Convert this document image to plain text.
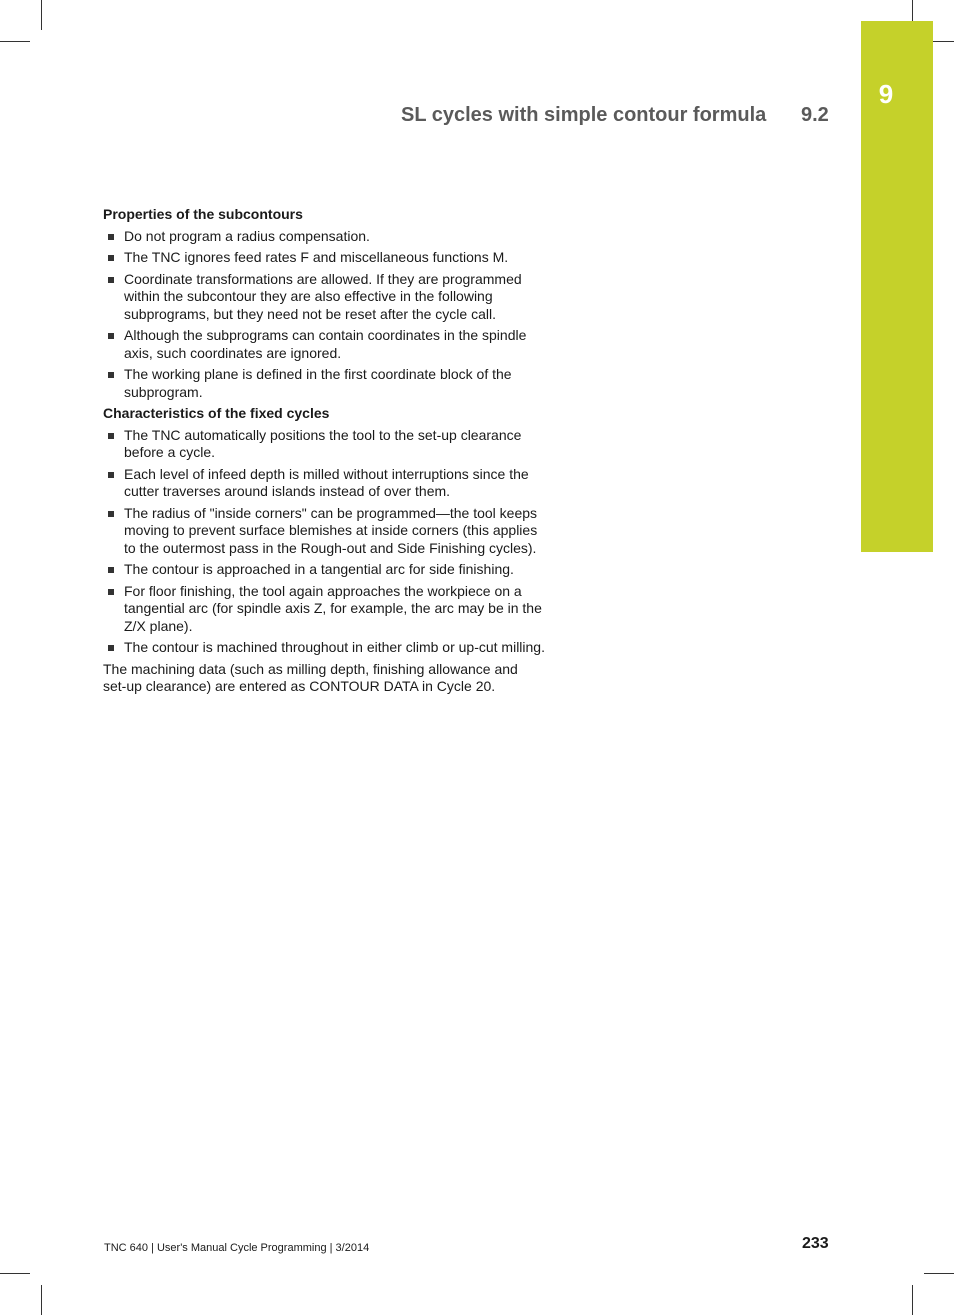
9
SL cycles with simple contour formula 9.2
Properties of the subcontours
Do not program a radius compensation.
The TNC ignores feed rates F and miscellaneous functions M.
Coordinate transformations are allowed. If they are programmed within the subcontour they are also effective in the following subprograms, but they need not be reset after the cycle call.
Although the subprograms can contain coordinates in the spindle axis, such coordinates are ignored.
The working plane is defined in the first coordinate block of the subprogram.
Characteristics of the fixed cycles
The TNC automatically positions the tool to the set-up clearance before a cycle.
Each level of infeed depth is milled without interruptions since the cutter traverses around islands instead of over them.
The radius of "inside corners" can be programmed—the tool keeps moving to prevent surface blemishes at inside corners (this applies to the outermost pass in the Rough-out and Side Finishing cycles).
The contour is approached in a tangential arc for side finishing.
For floor finishing, the tool again approaches the workpiece on a tangential arc (for spindle axis Z, for example, the arc may be in the Z/X plane).
The contour is machined throughout in either climb or up-cut milling.
The machining data (such as milling depth, finishing allowance and set-up clearance) are entered as CONTOUR DATA in Cycle 20.
TNC 640 | User's Manual Cycle Programming | 3/2014	233
